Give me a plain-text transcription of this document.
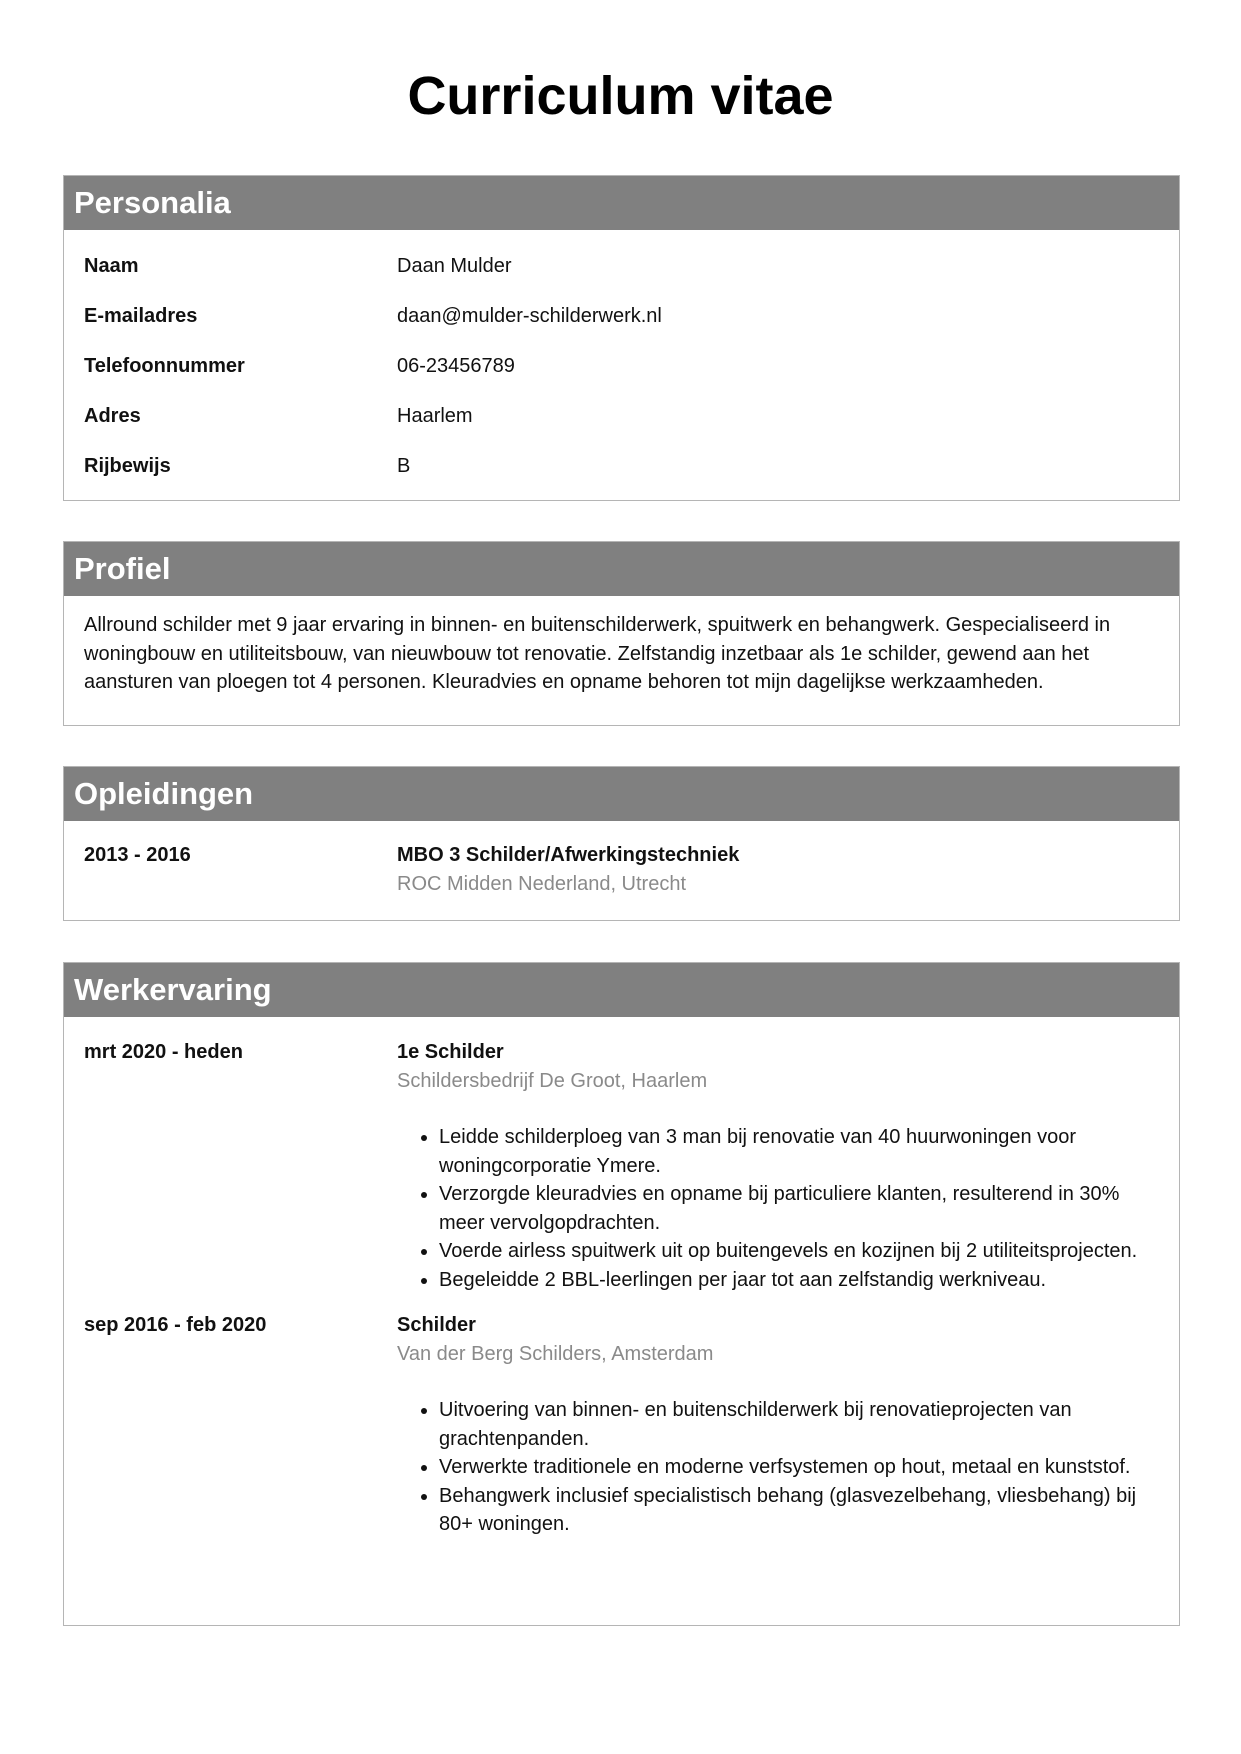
Curriculum vitae
Personalia
Naam	Daan Mulder
E-mailadres	daan@mulder-schilderwerk.nl
Telefoonnummer	06-23456789
Adres	Haarlem
Rijbewijs	B
Profiel

Allround schilder met 9 jaar ervaring in binnen- en buitenschilderwerk, spuitwerk en behangwerk. Gespecialiseerd in woningbouw en utiliteitsbouw, van nieuwbouw tot renovatie. Zelfstandig inzetbaar als 1e schilder, gewend aan het aansturen van ploegen tot 4 personen. Kleuradvies en opname behoren tot mijn dagelijkse werkzaamheden.

Opleidingen
2013 - 2016	MBO 3 Schilder/Afwerkingstechniek
ROC Midden Nederland, Utrecht
Werkervaring
mrt 2020 - heden	1e Schilder
Schildersbedrijf De Groot, Haarlem
• Leidde schilderploeg van 3 man bij renovatie van 40 huurwoningen voor woningcorporatie Ymere.
• Verzorgde kleuradvies en opname bij particuliere klanten, resulterend in 30% meer vervolgopdrachten.
• Voerde airless spuitwerk uit op buitengevels en kozijnen bij 2 utiliteitsprojecten.
• Begeleidde 2 BBL-leerlingen per jaar tot aan zelfstandig werkniveau.
sep 2016 - feb 2020	Schilder
Van der Berg Schilders, Amsterdam
• Uitvoering van binnen- en buitenschilderwerk bij renovatieprojecten van grachtenpanden.
• Verwerkte traditionele en moderne verfsystemen op hout, metaal en kunststof.
• Behangwerk inclusief specialistisch behang (glasvezelbehang, vliesbehang) bij 80+ woningen.
